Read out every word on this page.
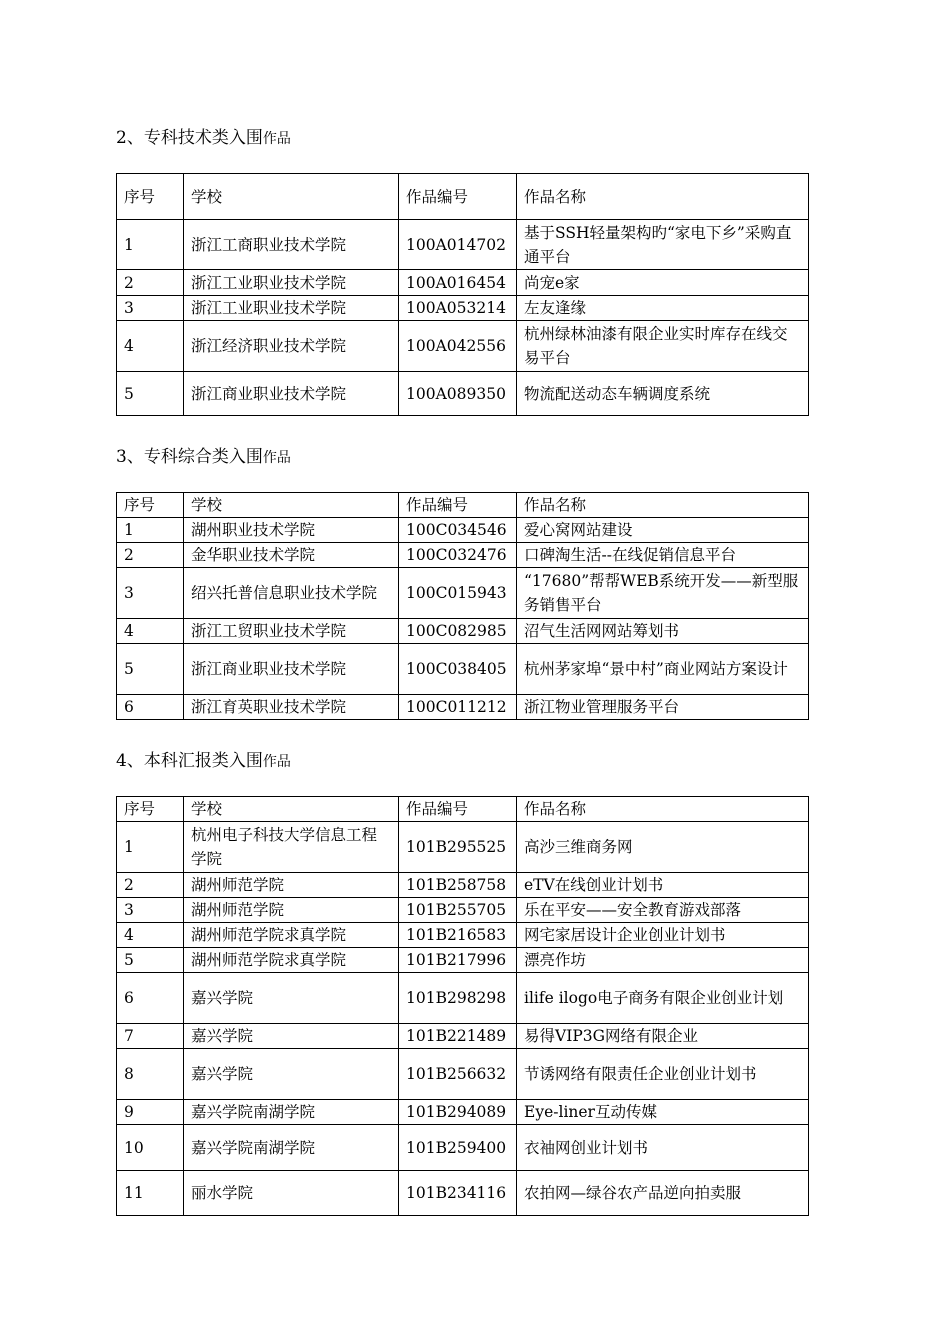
2、专科技术类入围作品
序号	学校	作品编号	作品名称
1	浙江工商职业技术学院	100A014702	基于SSH轻量架构旳“家电下乡”采购直通平台
2	浙江工业职业技术学院	100A016454	尚宠e家
3	浙江工业职业技术学院	100A053214	左友逢缘
4	浙江经济职业技术学院	100A042556	杭州绿林油漆有限企业实时库存在线交易平台
5	浙江商业职业技术学院	100A089350	物流配送动态车辆调度系统
3、专科综合类入围作品
序号	学校	作品编号	作品名称
1	湖州职业技术学院	100C034546	爱心窝网站建设
2	金华职业技术学院	100C032476	口碑淘生活--在线促销信息平台
3	绍兴托普信息职业技术学院	100C015943	“17680”帮帮WEB系统开发——新型服务销售平台
4	浙江工贸职业技术学院	100C082985	沼气生活网网站筹划书
5	浙江商业职业技术学院	100C038405	杭州茅家埠“景中村”商业网站方案设计
6	浙江育英职业技术学院	100C011212	浙江物业管理服务平台
4、本科汇报类入围作品
序号	学校	作品编号	作品名称
1	杭州电子科技大学信息工程学院	101B295525	高沙三维商务网
2	湖州师范学院	101B258758	eTV在线创业计划书
3	湖州师范学院	101B255705	乐在平安——安全教育游戏部落
4	湖州师范学院求真学院	101B216583	网宅家居设计企业创业计划书
5	湖州师范学院求真学院	101B217996	漂亮作坊
6	嘉兴学院	101B298298	ilife ilogo电子商务有限企业创业计划
7	嘉兴学院	101B221489	易得VIP3G网络有限企业
8	嘉兴学院	101B256632	节诱网络有限责任企业创业计划书
9	嘉兴学院南湖学院	101B294089	Eye-liner互动传媒
10	嘉兴学院南湖学院	101B259400	衣袖网创业计划书
11	丽水学院	101B234116	农拍网—绿谷农产品逆向拍卖服
